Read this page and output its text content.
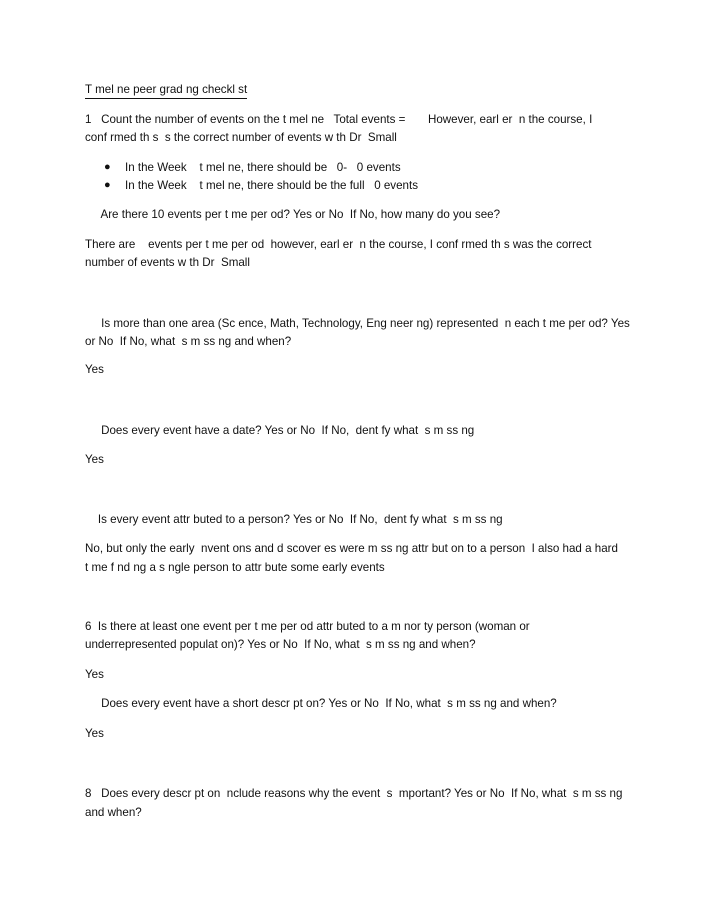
T mel ne peer grad ng checkl st
1   Count the number of events on the t mel ne   Total events =       However, earl er  n the course, I
conf rmed th s  s the correct number of events w th Dr  Small
● In the Week    t mel ne, there should be   0-   0 events
● In the Week    t mel ne, there should be the full   0 events
Are there 10 events per t me per od? Yes or No  If No, how many do you see?
There are    events per t me per od  however, earl er  n the course, I conf rmed th s was the correct
number of events w th Dr  Small
Is more than one area (Sc ence, Math, Technology, Eng neer ng) represented  n each t me per od? Yes
or No  If No, what  s m ss ng and when?
Yes
Does every event have a date? Yes or No  If No,  dent fy what  s m ss ng
Yes
Is every event attr buted to a person? Yes or No  If No,  dent fy what  s m ss ng
No, but only the early  nvent ons and d scover es were m ss ng attr but on to a person  I also had a hard
t me f nd ng a s ngle person to attr bute some early events
6  Is there at least one event per t me per od attr buted to a m nor ty person (woman or
underrepresented populat on)? Yes or No  If No, what  s m ss ng and when?
Yes
Does every event have a short descr pt on? Yes or No  If No, what  s m ss ng and when?
Yes
8   Does every descr pt on  nclude reasons why the event  s  mportant? Yes or No  If No, what  s m ss ng
and when?
